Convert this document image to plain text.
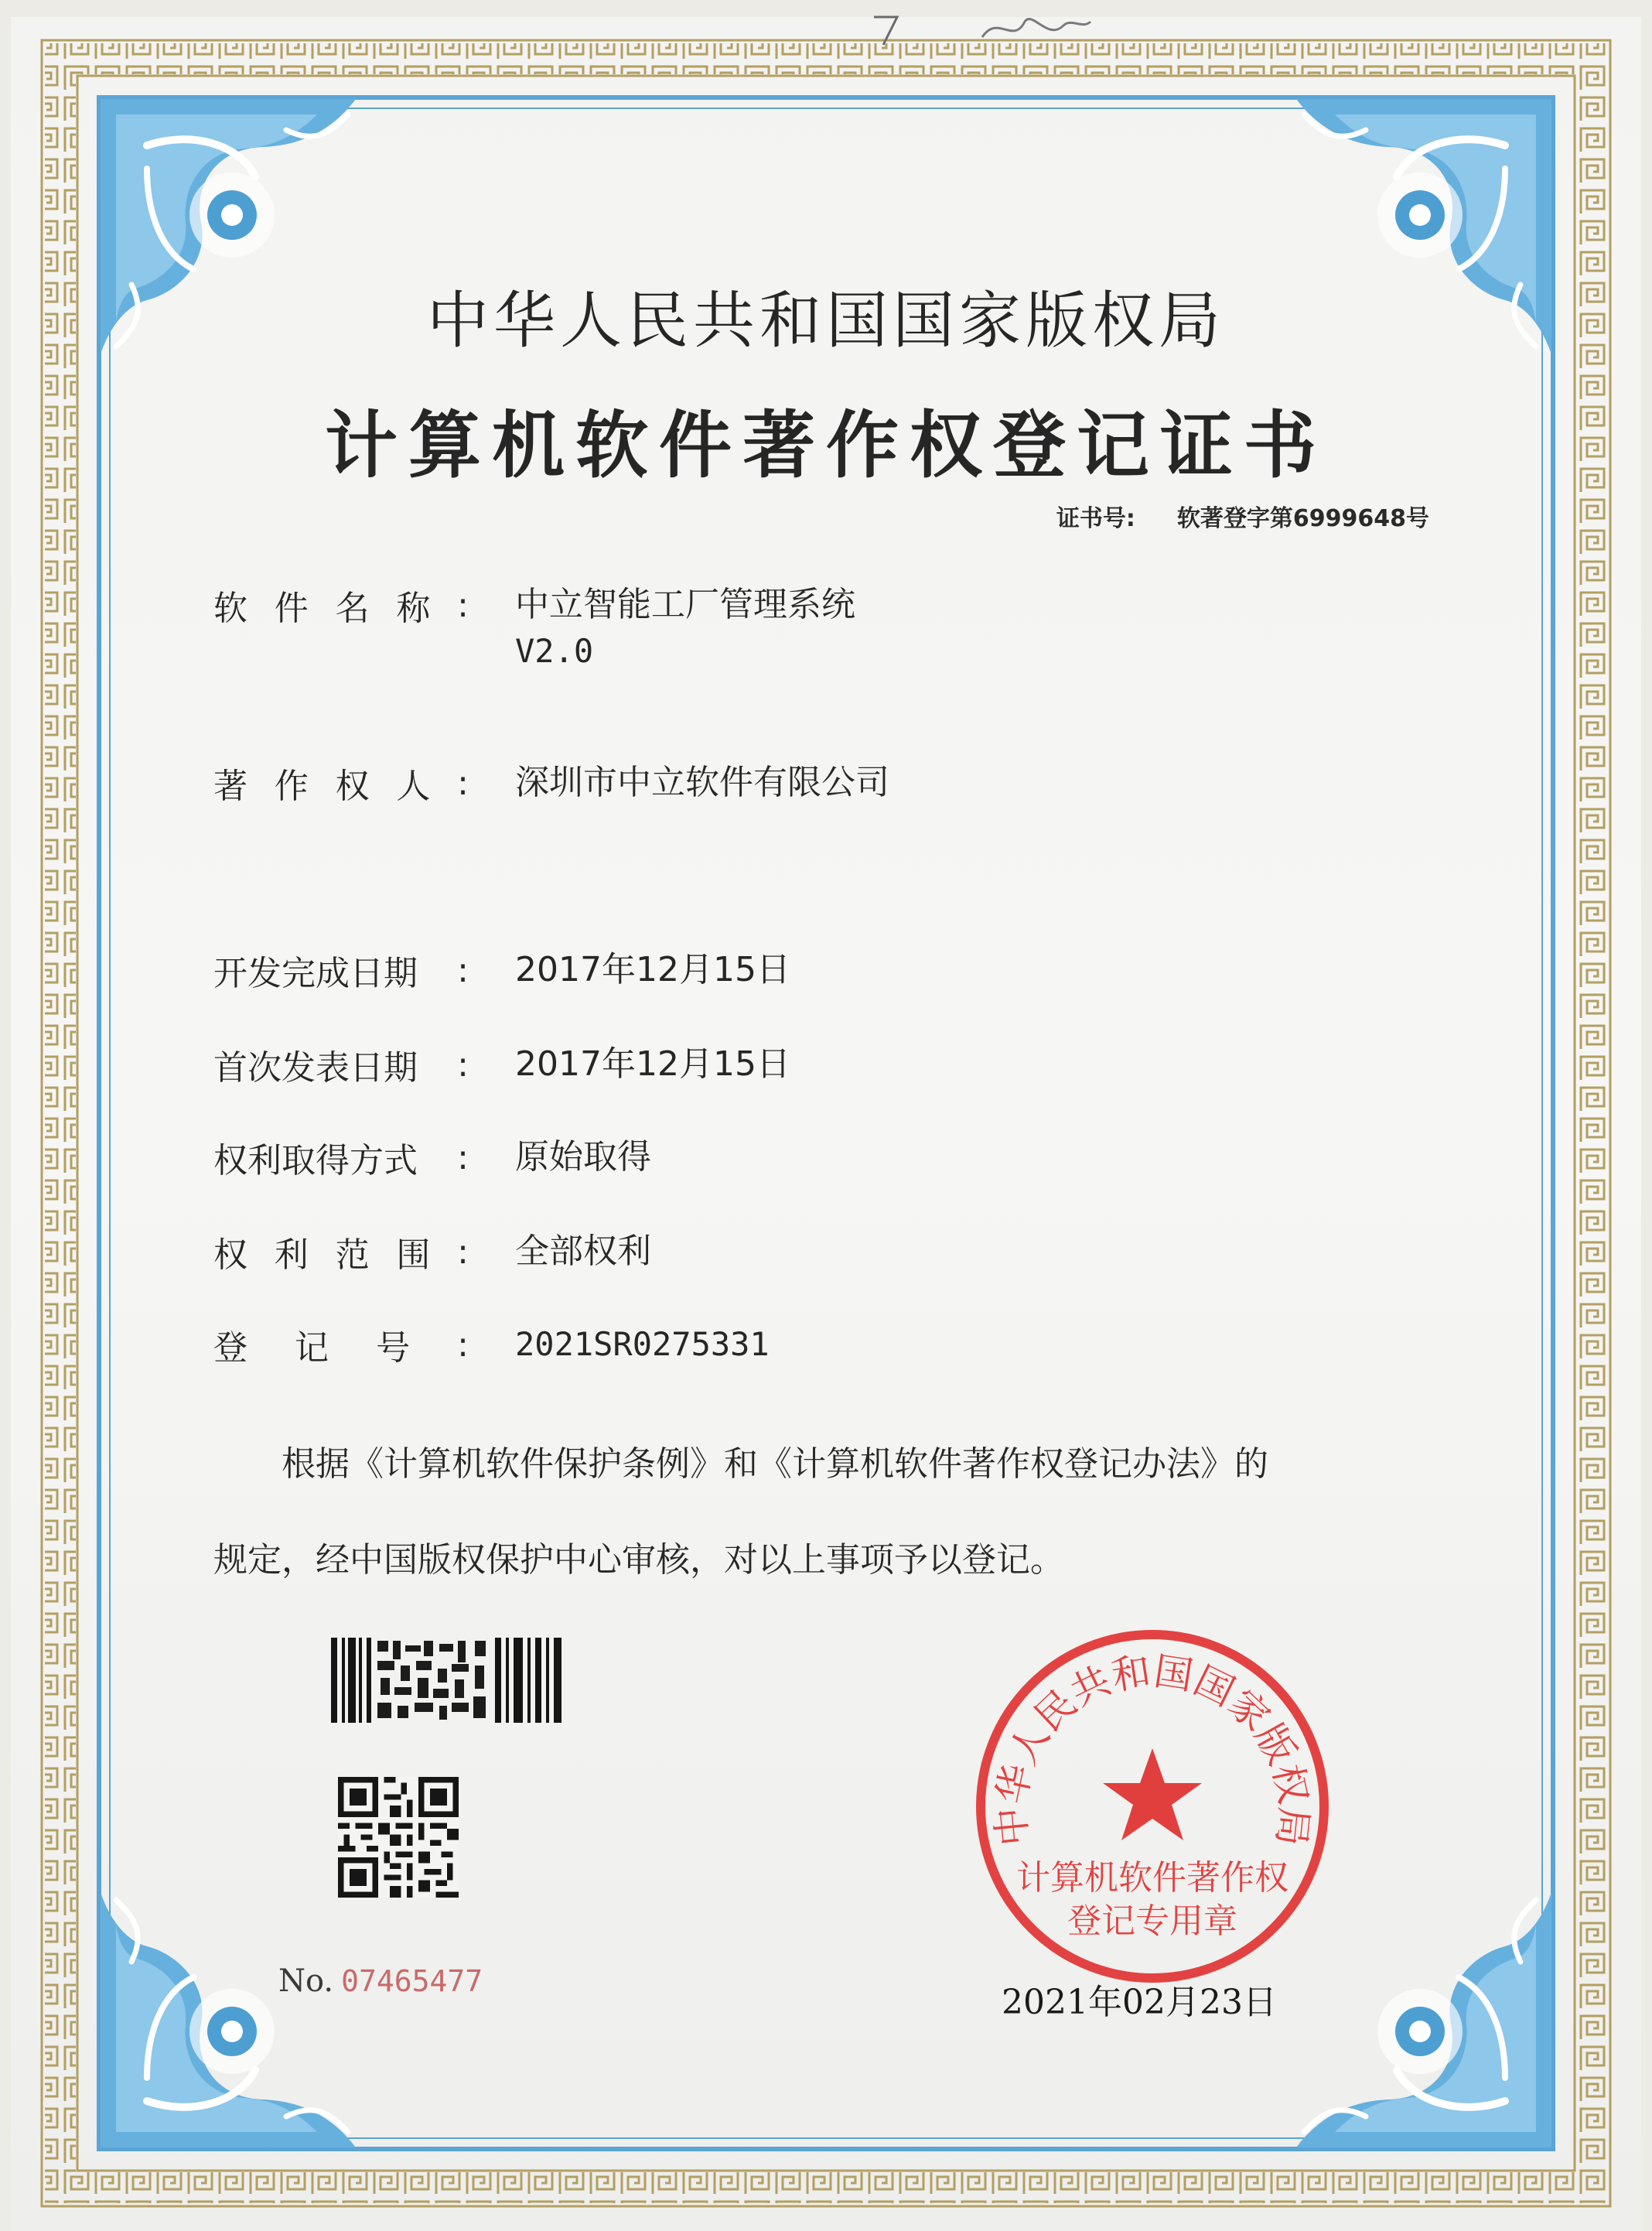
中华人民共和国国家版权局
计算机软件著作权登记证书
证书号: 软著登字第6999648号
软 件 名 称 : 中立智能工厂管理系统
V2.0
著 作 权 人 : 深圳市中立软件有限公司
开发完成日期 : 2017年12月15日
首次发表日期 : 2017年12月15日
权利取得方式 : 原始取得
权 利 范 围 : 全部权利
登 记 号 : 2021SR0275331
根据《计算机软件保护条例》和《计算机软件著作权登记办法》的
规定，经中国版权保护中心审核，对以上事项予以登记。
No. 07465477
中华人民共和国国家版权局
计算机软件著作权
登记专用章
2021年02月23日
